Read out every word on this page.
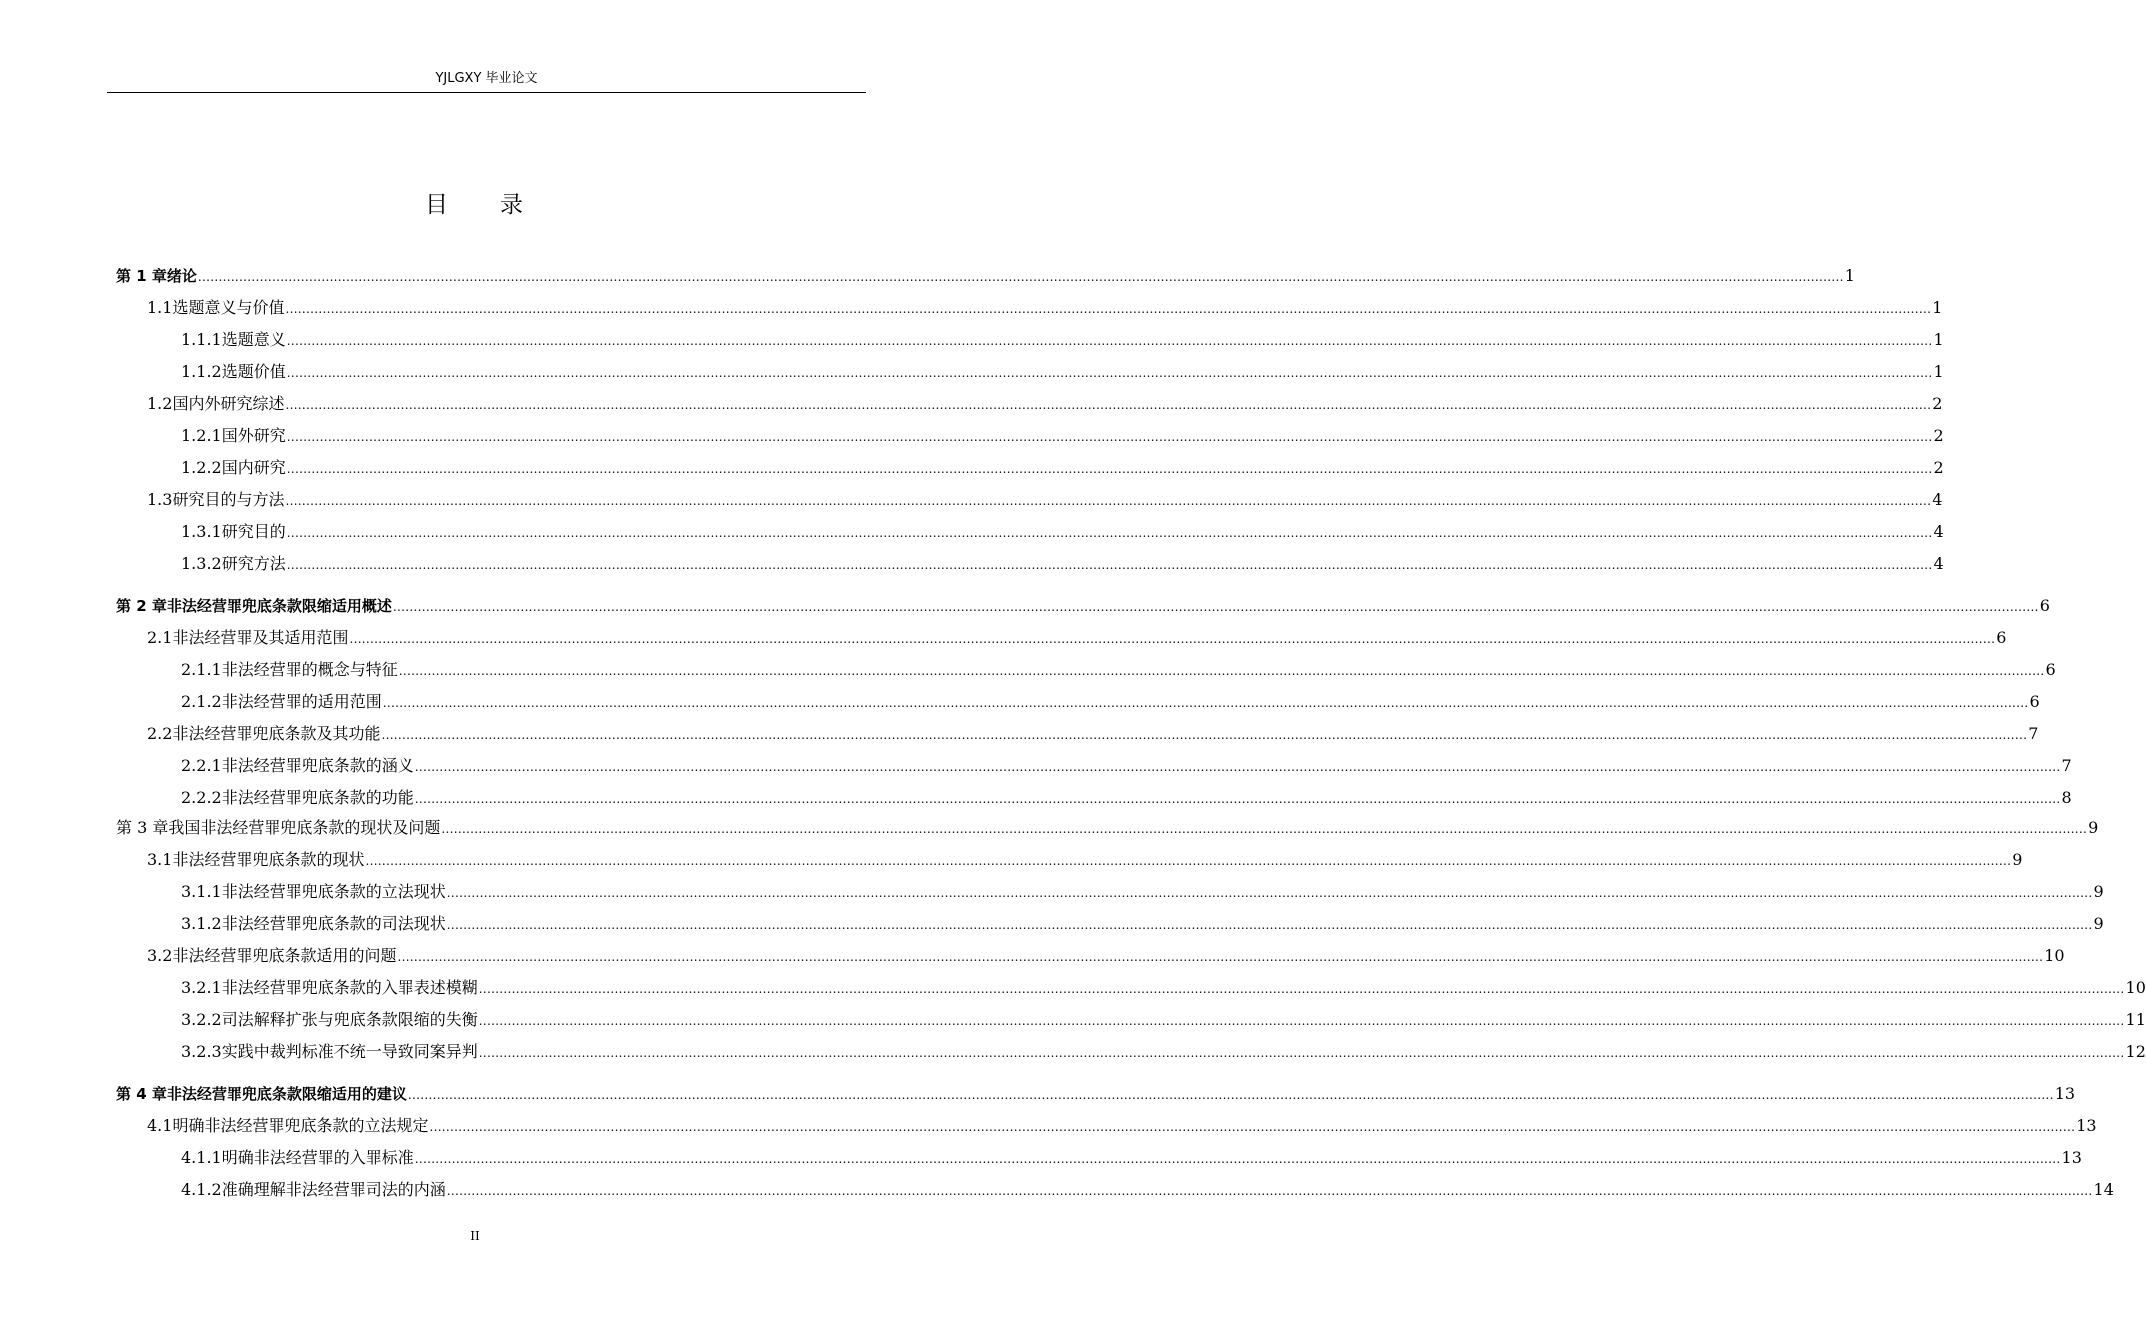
YJLGXY 毕业论文
目　　录
第 1 章 绪论 ................................................................................................................................................................................................................................................................................................................................................................................................................ 1
1.1 选题意义与价值 ................................................................................................................................................................................................................................................................................................................................................................................................................ 1
1.1.1 选题意义 ................................................................................................................................................................................................................................................................................................................................................................................................................ 1
1.1.2 选题价值 ................................................................................................................................................................................................................................................................................................................................................................................................................ 1
1.2 国内外研究综述 ................................................................................................................................................................................................................................................................................................................................................................................................................ 2
1.2.1 国外研究 ................................................................................................................................................................................................................................................................................................................................................................................................................ 2
1.2.2 国内研究 ................................................................................................................................................................................................................................................................................................................................................................................................................ 2
1.3 研究目的与方法 ................................................................................................................................................................................................................................................................................................................................................................................................................ 4
1.3.1 研究目的 ................................................................................................................................................................................................................................................................................................................................................................................................................ 4
1.3.2 研究方法 ................................................................................................................................................................................................................................................................................................................................................................................................................ 4
第 2 章 非法经营罪兜底条款限缩适用概述 ................................................................................................................................................................................................................................................................................................................................................................................................................ 6
2.1 非法经营罪及其适用范围 ................................................................................................................................................................................................................................................................................................................................................................................................................ 6
2.1.1 非法经营罪的概念与特征 ................................................................................................................................................................................................................................................................................................................................................................................................................ 6
2.1.2 非法经营罪的适用范围 ................................................................................................................................................................................................................................................................................................................................................................................................................ 6
2.2 非法经营罪兜底条款及其功能 ................................................................................................................................................................................................................................................................................................................................................................................................................ 7
2.2.1 非法经营罪兜底条款的涵义 ................................................................................................................................................................................................................................................................................................................................................................................................................ 7
2.2.2 非法经营罪兜底条款的功能 ................................................................................................................................................................................................................................................................................................................................................................................................................ 8
第 3 章 我国非法经营罪兜底条款的现状及问题 ................................................................................................................................................................................................................................................................................................................................................................................................................ 9
3.1 非法经营罪兜底条款的现状 ................................................................................................................................................................................................................................................................................................................................................................................................................ 9
3.1.1 非法经营罪兜底条款的立法现状 ................................................................................................................................................................................................................................................................................................................................................................................................................ 9
3.1.2 非法经营罪兜底条款的司法现状 ................................................................................................................................................................................................................................................................................................................................................................................................................ 9
3.2 非法经营罪兜底条款适用的问题 ................................................................................................................................................................................................................................................................................................................................................................................................................ 10
3.2.1 非法经营罪兜底条款的入罪表述模糊 ................................................................................................................................................................................................................................................................................................................................................................................................................ 10
3.2.2 司法解释扩张与兜底条款限缩的失衡 ................................................................................................................................................................................................................................................................................................................................................................................................................ 11
3.2.3 实践中裁判标准不统一导致同案异判 ................................................................................................................................................................................................................................................................................................................................................................................................................ 12
第 4 章 非法经营罪兜底条款限缩适用的建议 ................................................................................................................................................................................................................................................................................................................................................................................................................ 13
4.1 明确非法经营罪兜底条款的立法规定 ................................................................................................................................................................................................................................................................................................................................................................................................................ 13
4.1.1 明确非法经营罪的入罪标准 ................................................................................................................................................................................................................................................................................................................................................................................................................ 13
4.1.2 准确理解非法经营罪司法的内涵 ................................................................................................................................................................................................................................................................................................................................................................................................................ 14
II
